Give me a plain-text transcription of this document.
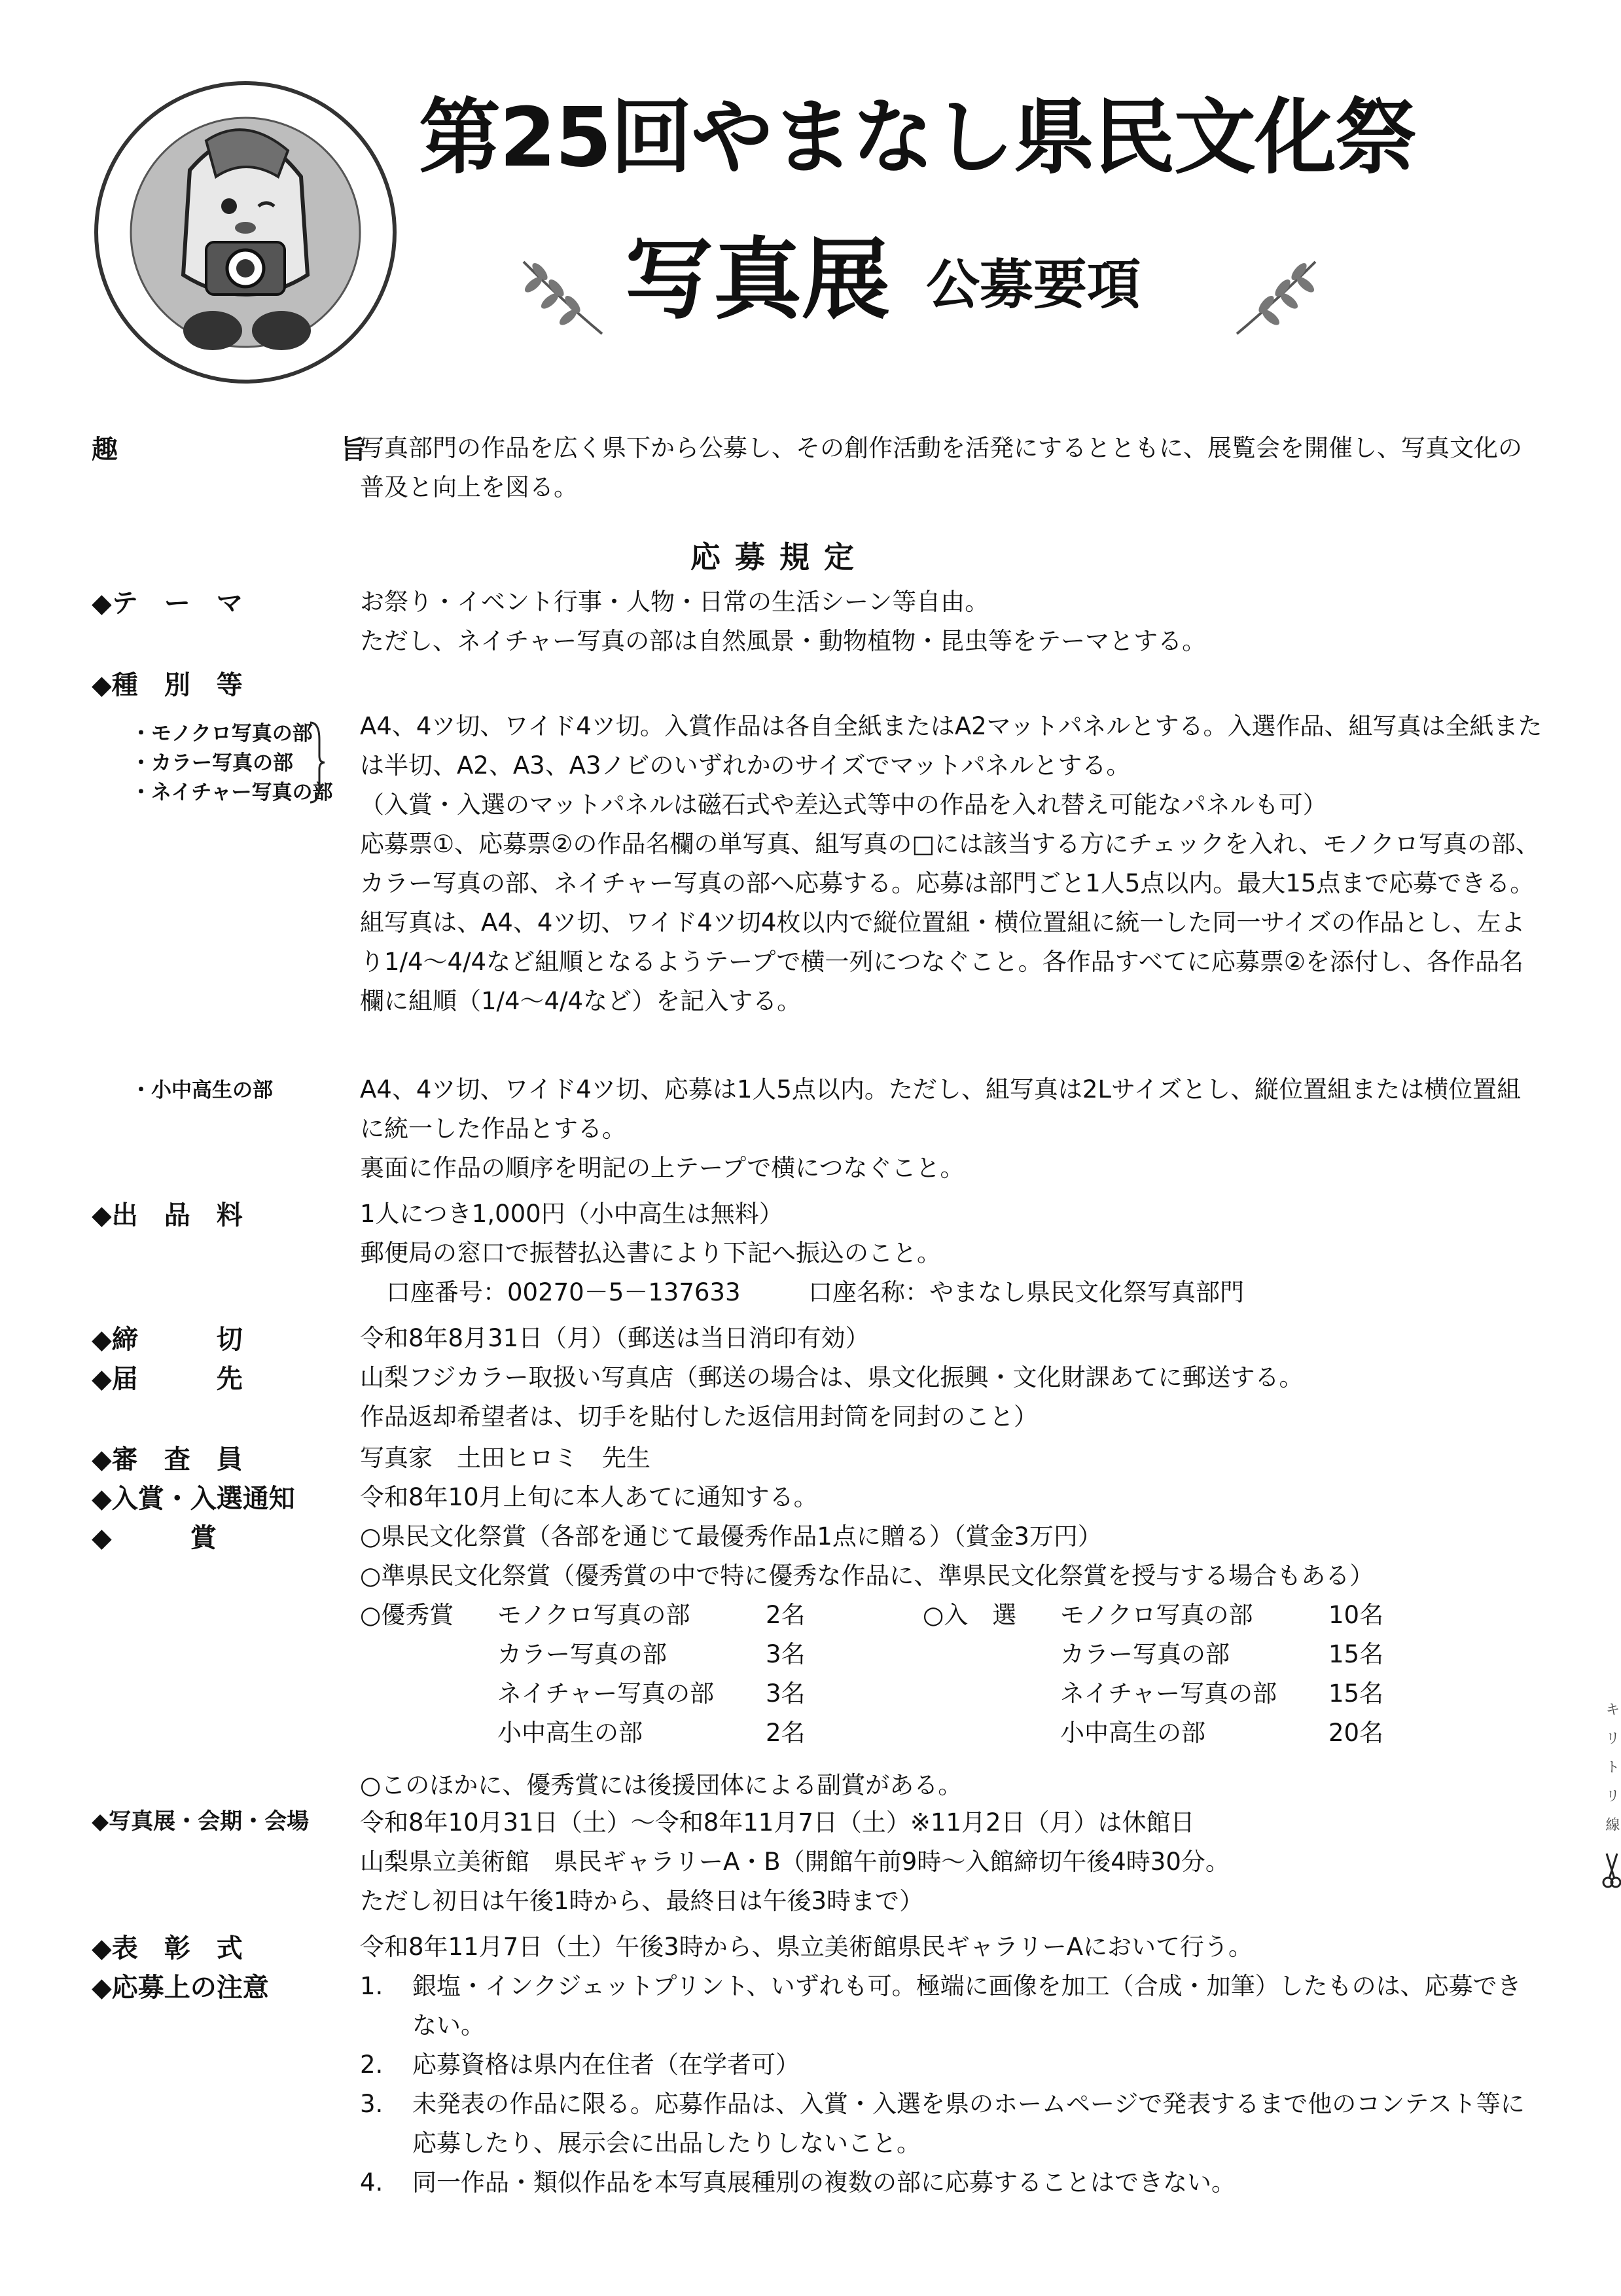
第25回やまなし県民文化祭
写真展 公募要項
趣	旨
写真部門の作品を広く県下から公募し、その創作活動を活発にするとともに、展覧会を開催し、写真文化の普及と向上を図る。
応募規定
◆テ　ー　マ	お祭り・イベント行事・人物・日常の生活シーン等自由。

ただし、ネイチャー写真の部は自然風景・動物植物・昆虫等をテーマとする。

◆種　別　等
・モノクロ写真の部
・カラー写真の部
・ネイチャー写真の部

A4、4ツ切、ワイド4ツ切。入賞作品は各自全紙またはA2マットパネルとする。入選作品、組写真は全紙または半切、A2、A3、A3ノビのいずれかのサイズでマットパネルとする。

（入賞・入選のマットパネルは磁石式や差込式等中の作品を入れ替え可能なパネルも可）

応募票①、応募票②の作品名欄の単写真、組写真の□には該当する方にチェックを入れ、モノクロ写真の部、カラー写真の部、ネイチャー写真の部へ応募する。応募は部門ごと1人5点以内。最大15点まで応募できる。組写真は、A4、4ツ切、ワイド4ツ切4枚以内で縦位置組・横位置組に統一した同一サイズの作品とし、左より1/4～4/4など組順となるようテープで横一列につなぐこと。各作品すべてに応募票②を添付し、各作品名欄に組順（1/4～4/4など）を記入する。

・小中高生の部	A4、4ツ切、ワイド4ツ切、応募は1人5点以内。ただし、組写真は2Lサイズとし、縦位置組または横位置組に統一した作品とする。

裏面に作品の順序を明記の上テープで横につなぐこと。

◆出　品　料	1人につき1,000円（小中高生は無料）

郵便局の窓口で振替払込書により下記へ振込のこと。

口座番号：00270－5－137633	口座名称：やまなし県民文化祭写真部門

◆締　　　切	令和8年8月31日（月）（郵送は当日消印有効）
◆届　　　先	山梨フジカラー取扱い写真店（郵送の場合は、県文化振興・文化財課あてに郵送する。

作品返却希望者は、切手を貼付した返信用封筒を同封のこと）

◆審　査　員	写真家　土田ヒロミ　先生
◆入賞・入選通知	令和8年10月上旬に本人あてに通知する。
◆　　　賞	○県民文化祭賞（各部を通じて最優秀作品1点に贈る）（賞金3万円）

○準県民文化祭賞（優秀賞の中で特に優秀な作品に、準県民文化祭賞を授与する場合もある）

○優秀賞	モノクロ写真の部	2名	○入　選	モノクロ写真の部	10名
	カラー写真の部	3名		カラー写真の部	15名
	ネイチャー写真の部	3名		ネイチャー写真の部	15名
	小中高生の部	2名		小中高生の部	20名

○このほかに、優秀賞には後援団体による副賞がある。

◆写真展・会期・会場 令和8年10月31日（土）～令和8年11月7日（土）※11月2日（月）は休館日

山梨県立美術館　県民ギャラリーA・B（開館午前9時～入館締切午後4時30分。

ただし初日は午後1時から、最終日は午後3時まで）

◆表　彰　式	令和8年11月7日（土）午後3時から、県立美術館県民ギャラリーAにおいて行う。
◆応募上の注意	1. 銀塩・インクジェットプリント、いずれも可。極端に画像を加工（合成・加筆）したものは、応募できない。
2. 応募資格は県内在住者（在学者可）
3. 未発表の作品に限る。応募作品は、入賞・入選を県のホームページで発表するまで他のコンテスト等に応募したり、展示会に出品したりしないこと。
4. 同一作品・類似作品を本写真展種別の複数の部に応募することはできない。
キ　リ　ト　リ　線
